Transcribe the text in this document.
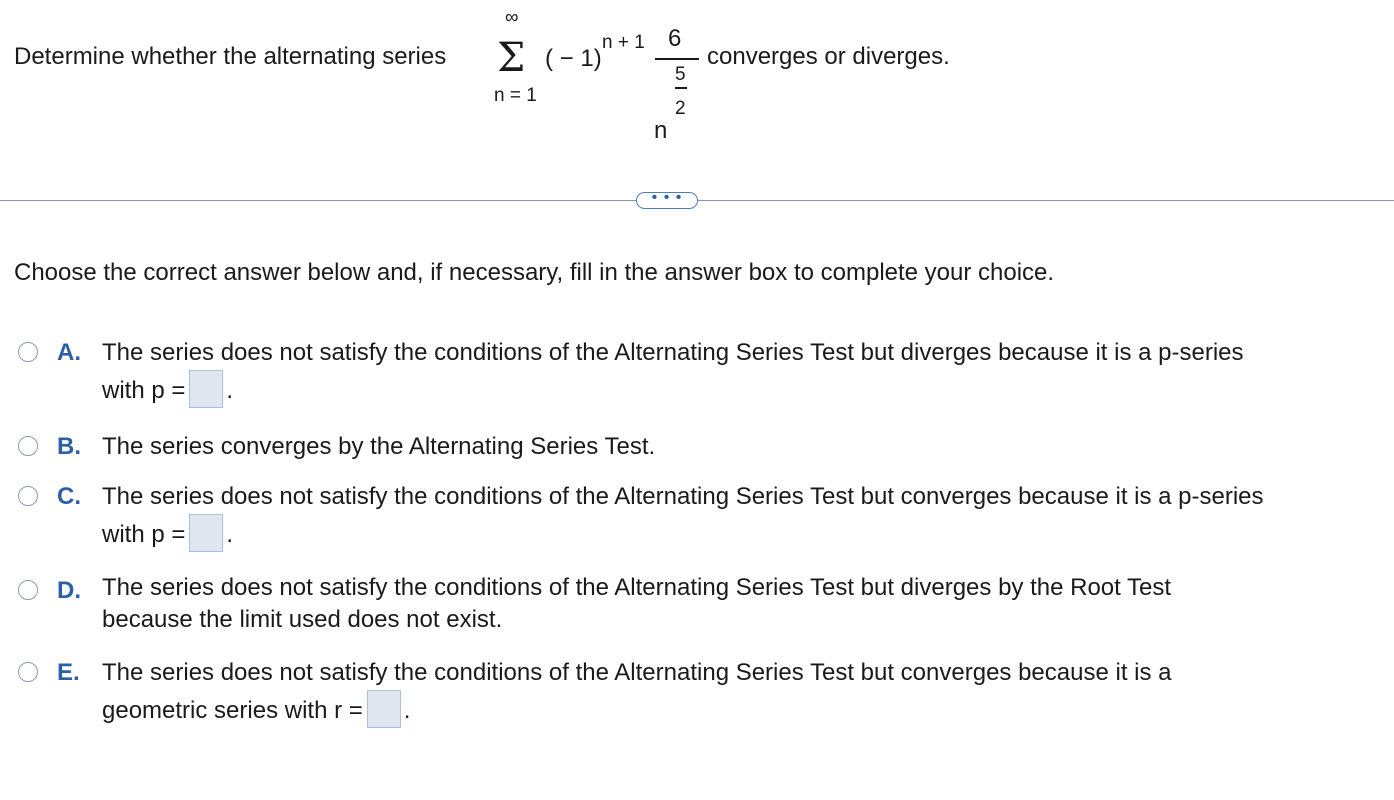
Determine whether the alternating series
∞
Σ
n = 1
( − 1)
n + 1 6
n
5
2
converges or diverges.
• • •
Choose the correct answer below and, if necessary, fill in the answer box to complete your choice.
A. The series does not satisfy the conditions of the Alternating Series Test but diverges because it is a p-series
with p = .
B. The series converges by the Alternating Series Test.
C. The series does not satisfy the conditions of the Alternating Series Test but converges because it is a p-series
with p = .
D. The series does not satisfy the conditions of the Alternating Series Test but diverges by the Root Test
because the limit used does not exist.
E. The series does not satisfy the conditions of the Alternating Series Test but converges because it is a
geometric series with r = .
